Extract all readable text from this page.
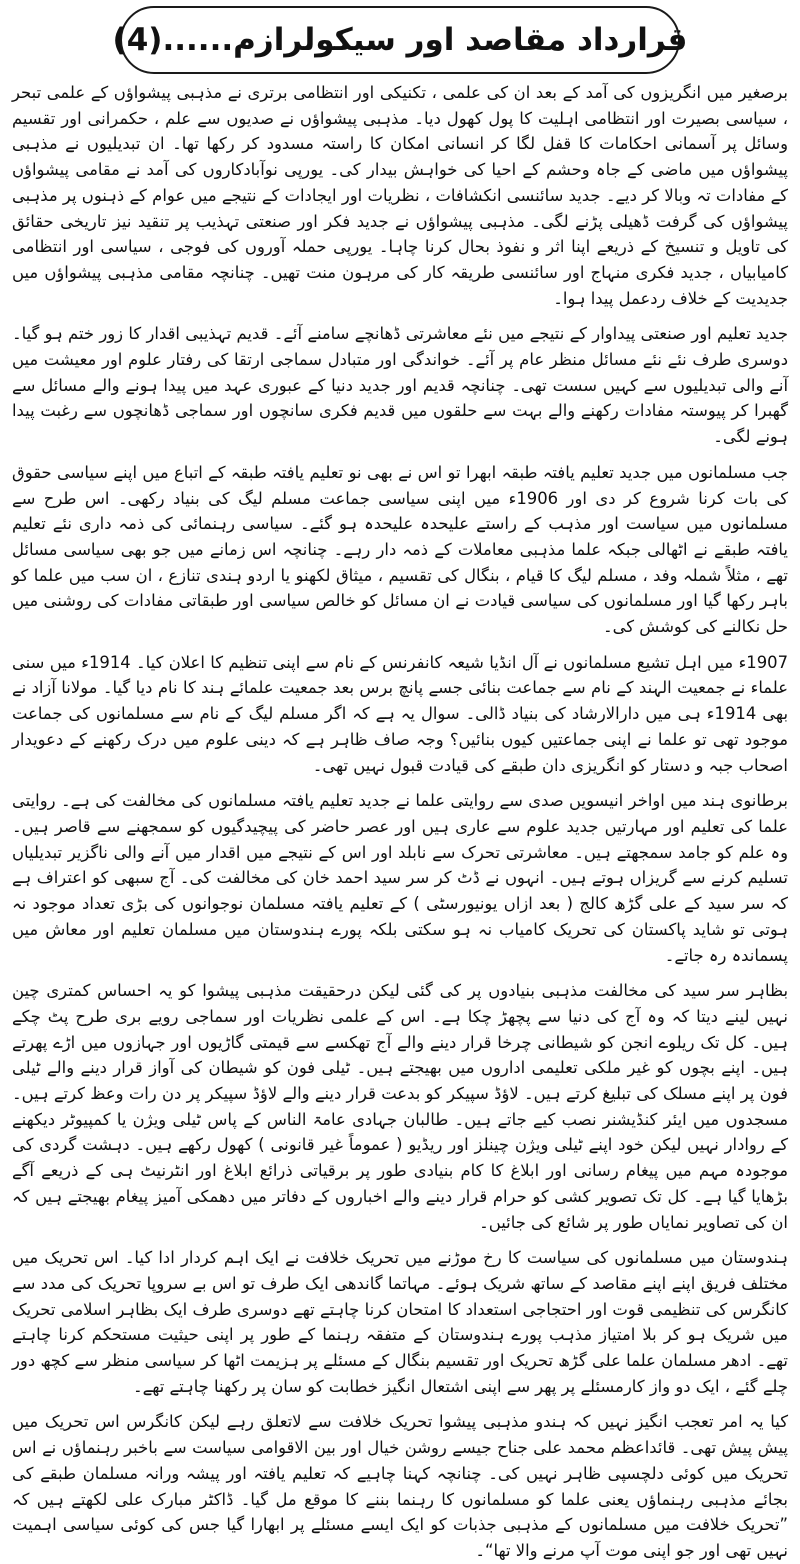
قرارداد مقاصد اور سیکولرازم......(4)

برصغیر میں انگریزوں کی آمد کے بعد ان کی علمی ، تکنیکی اور انتظامی برتری نے مذہبی پیشواؤں کے علمی تبحر ، سیاسی بصیرت اور انتظامی اہلیت کا پول کھول دیا۔ مذہبی پیشواؤں نے صدیوں سے علم ، حکمرانی اور تقسیم وسائل پر آسمانی احکامات کا قفل لگا کر انسانی امکان کا راستہ مسدود کر رکھا تھا۔ ان تبدیلیوں نے مذہبی پیشواؤں میں ماضی کے جاہ وحشم کے احیا کی خواہش بیدار کی۔ یورپی نوآبادکاروں کی آمد نے مقامی پیشواؤں کے مفادات تہ وبالا کر دیے۔ جدید سائنسی انکشافات ، نظریات اور ایجادات کے نتیجے میں عوام کے ذہنوں پر مذہبی پیشواؤں کی گرفت ڈھیلی پڑنے لگی۔ مذہبی پیشواؤں نے جدید فکر اور صنعتی تہذیب پر تنقید نیز تاریخی حقائق کی تاویل و تنسیخ کے ذریعے اپنا اثر و نفوذ بحال کرنا چاہا۔ یورپی حملہ آوروں کی فوجی ، سیاسی اور انتظامی کامیابیاں ، جدید فکری منہاج اور سائنسی طریقہ کار کی مرہون منت تھیں۔ چنانچہ مقامی مذہبی پیشواؤں میں جدیدیت کے خلاف ردعمل پیدا ہوا۔

جدید تعلیم اور صنعتی پیداوار کے نتیجے میں نئے معاشرتی ڈھانچے سامنے آئے۔ قدیم تہذیبی اقدار کا زور ختم ہو گیا۔ دوسری طرف نئے نئے مسائل منظر عام پر آئے۔ خواندگی اور متبادل سماجی ارتقا کی رفتار علوم اور معیشت میں آنے والی تبدیلیوں سے کہیں سست تھی۔ چنانچہ قدیم اور جدید دنیا کے عبوری عہد میں پیدا ہونے والے مسائل سے گھبرا کر پیوستہ مفادات رکھنے والے بہت سے حلقوں میں قدیم فکری سانچوں اور سماجی ڈھانچوں سے رغبت پیدا ہونے لگی۔

جب مسلمانوں میں جدید تعلیم یافتہ طبقہ ابھرا تو اس نے بھی نو تعلیم یافتہ طبقہ کے اتباع میں اپنے سیاسی حقوق کی بات کرنا شروع کر دی اور 1906ء میں اپنی سیاسی جماعت مسلم لیگ کی بنیاد رکھی۔ اس طرح سے مسلمانوں میں سیاست اور مذہب کے راستے علیحدہ علیحدہ ہو گئے۔ سیاسی رہنمائی کی ذمہ داری نئے تعلیم یافتہ طبقے نے اٹھالی جبکہ علما مذہبی معاملات کے ذمہ دار رہے۔ چنانچہ اس زمانے میں جو بھی سیاسی مسائل تھے ، مثلاً شملہ وفد ، مسلم لیگ کا قیام ، بنگال کی تقسیم ، میثاق لکھنو یا اردو ہندی تنازع ، ان سب میں علما کو باہر رکھا گیا اور مسلمانوں کی سیاسی قیادت نے ان مسائل کو خالص سیاسی اور طبقاتی مفادات کی روشنی میں حل نکالنے کی کوشش کی۔

1907ء میں اہل تشیع مسلمانوں نے آل انڈیا شیعہ کانفرنس کے نام سے اپنی تنظیم کا اعلان کیا۔ 1914ء میں سنی علماء نے جمعیت الہند کے نام سے جماعت بنائی جسے پانچ برس بعد جمعیت علمائے ہند کا نام دیا گیا۔ مولانا آزاد نے بھی 1914ء ہی میں دارالارشاد کی بنیاد ڈالی۔ سوال یہ ہے کہ اگر مسلم لیگ کے نام سے مسلمانوں کی جماعت موجود تھی تو علما نے اپنی جماعتیں کیوں بنائیں؟ وجہ صاف ظاہر ہے کہ دینی علوم میں درک رکھنے کے دعویدار اصحاب جبہ و دستار کو انگریزی دان طبقے کی قیادت قبول نہیں تھی۔

برطانوی ہند میں اواخر انیسویں صدی سے روایتی علما نے جدید تعلیم یافتہ مسلمانوں کی مخالفت کی ہے۔ روایتی علما کی تعلیم اور مہارتیں جدید علوم سے عاری ہیں اور عصر حاضر کی پیچیدگیوں کو سمجھنے سے قاصر ہیں۔ وہ علم کو جامد سمجھتے ہیں۔ معاشرتی تحرک سے نابلد اور اس کے نتیجے میں اقدار میں آنے والی ناگزیر تبدیلیاں تسلیم کرنے سے گریزاں ہوتے ہیں۔ انہوں نے ڈٹ کر سر سید احمد خان کی مخالفت کی۔ آج سبھی کو اعتراف ہے کہ سر سید کے علی گڑھ کالج ( بعد ازاں یونیورسٹی ) کے تعلیم یافتہ مسلمان نوجوانوں کی بڑی تعداد موجود نہ ہوتی تو شاید پاکستان کی تحریک کامیاب نہ ہو سکتی بلکہ پورے ہندوستان میں مسلمان تعلیم اور معاش میں پسماندہ رہ جاتے۔

بظاہر سر سید کی مخالفت مذہبی بنیادوں پر کی گئی لیکن درحقیقت مذہبی پیشوا کو یہ احساس کمتری چین نہیں لینے دیتا کہ وہ آج کی دنیا سے پچھڑ چکا ہے۔ اس کے علمی نظریات اور سماجی رویے بری طرح پٹ چکے ہیں۔ کل تک ریلوے انجن کو شیطانی چرخا قرار دینے والے آج تھکسے سے قیمتی گاڑیوں اور جہازوں میں اڑے پھرتے ہیں۔ اپنے بچوں کو غیر ملکی تعلیمی اداروں میں بھیجتے ہیں۔ ٹیلی فون کو شیطان کی آواز قرار دینے والے ٹیلی فون پر اپنے مسلک کی تبلیغ کرتے ہیں۔ لاؤڈ سپیکر کو بدعت قرار دینے والے لاؤڈ سپیکر پر دن رات وعظ کرتے ہیں۔ مسجدوں میں ایئر کنڈیشنر نصب کیے جاتے ہیں۔ طالبان جہادی عامۃ الناس کے پاس ٹیلی ویژن یا کمپیوٹر دیکھنے کے روادار نہیں لیکن خود اپنے ٹیلی ویژن چینلز اور ریڈیو ( عموماً غیر قانونی ) کھول رکھے ہیں۔ دہشت گردی کی موجودہ مہم میں پیغام رسانی اور ابلاغ کا کام بنیادی طور پر برقیاتی ذرائع ابلاغ اور انٹرنیٹ ہی کے ذریعے آگے بڑھایا گیا ہے۔ کل تک تصویر کشی کو حرام قرار دینے والے اخباروں کے دفاتر میں دھمکی آمیز پیغام بھیجتے ہیں کہ ان کی تصاویر نمایاں طور پر شائع کی جائیں۔

ہندوستان میں مسلمانوں کی سیاست کا رخ موڑنے میں تحریک خلافت نے ایک اہم کردار ادا کیا۔ اس تحریک میں مختلف فریق اپنے اپنے مقاصد کے ساتھ شریک ہوئے۔ مہاتما گاندھی ایک طرف تو اس بے سروپا تحریک کی مدد سے کانگرس کی تنظیمی قوت اور احتجاجی استعداد کا امتحان کرنا چاہتے تھے دوسری طرف ایک بظاہر اسلامی تحریک میں شریک ہو کر بلا امتیاز مذہب پورے ہندوستان کے متفقہ رہنما کے طور پر اپنی حیثیت مستحکم کرنا چاہتے تھے۔ ادھر مسلمان علما علی گڑھ تحریک اور تقسیم بنگال کے مسئلے پر ہزیمت اٹھا کر سیاسی منظر سے کچھ دور چلے گئے ، ایک دو واز کارمسئلے پر پھر سے اپنی اشتعال انگیز خطابت کو سان پر رکھنا چاہتے تھے۔

کیا یہ امر تعجب انگیز نہیں کہ ہندو مذہبی پیشوا تحریک خلافت سے لاتعلق رہے لیکن کانگرس اس تحریک میں پیش پیش تھی۔ قائداعظم محمد علی جناح جیسے روشن خیال اور بین الاقوامی سیاست سے باخبر رہنماؤں نے اس تحریک میں کوئی دلچسپی ظاہر نہیں کی۔ چنانچہ کہنا چاہیے کہ تعلیم یافتہ اور پیشہ ورانہ مسلمان طبقے کی بجائے مذہبی رہنماؤں یعنی علما کو مسلمانوں کا رہنما بننے کا موقع مل گیا۔ ڈاکٹر مبارک علی لکھتے ہیں کہ ”تحریک خلافت میں مسلمانوں کے مذہبی جذبات کو ایک ایسے مسئلے پر ابھارا گیا جس کی کوئی سیاسی اہمیت نہیں تھی اور جو اپنی موت آپ مرنے والا تھا“۔
